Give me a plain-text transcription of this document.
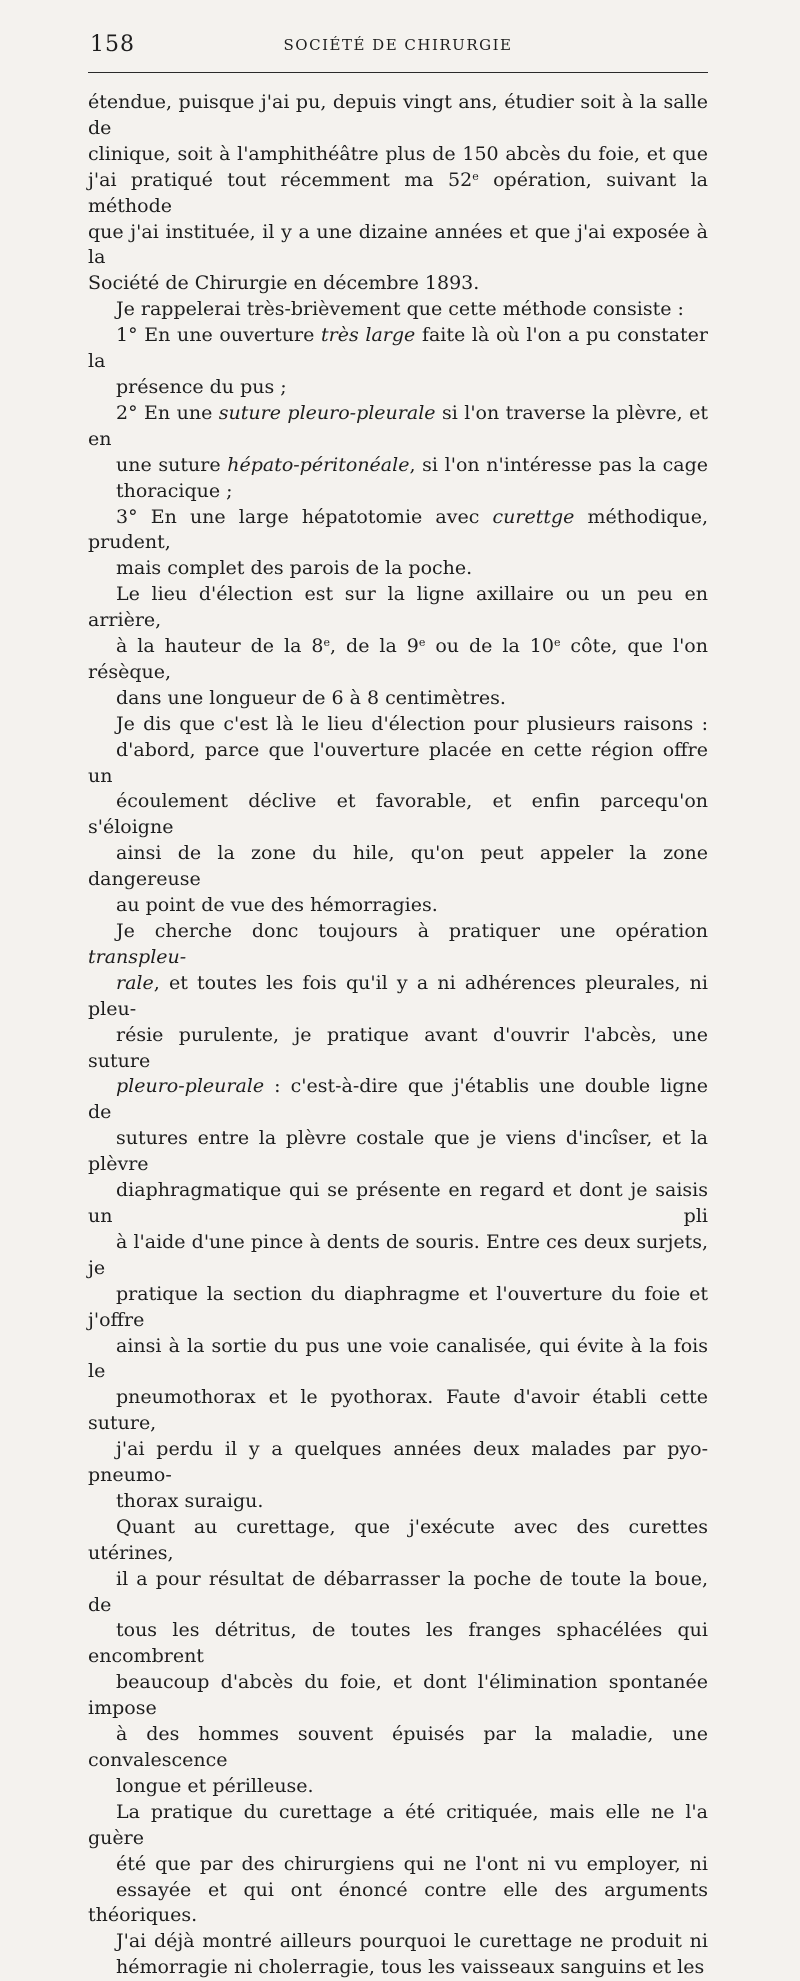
158	SOCIÉTÉ DE CHIRURGIE

étendue, puisque j'ai pu, depuis vingt ans, étudier soit à la salle de
clinique, soit à l'amphithéâtre plus de 150 abcès du foie, et que
j'ai pratiqué tout récemment ma 52e opération, suivant la méthode
que j'ai instituée, il y a une dizaine années et que j'ai exposée à la
Société de Chirurgie en décembre 1893.

Je rappelerai très-brièvement que cette méthode consiste :

1° En une ouverture très large faite là où l'on a pu constater la
présence du pus ;

2° En une suture pleuro-pleurale si l'on traverse la plèvre, et en
une suture hépato-péritonéale, si l'on n'intéresse pas la cage
thoracique ;

3° En une large hépatotomie avec curettge méthodique, prudent,
mais complet des parois de la poche.

Le lieu d'élection est sur la ligne axillaire ou un peu en arrière,
à la hauteur de la 8e, de la 9e ou de la 10e côte, que l'on résèque,
dans une longueur de 6 à 8 centimètres.

Je dis que c'est là le lieu d'élection pour plusieurs raisons :
d'abord, parce que l'ouverture placée en cette région offre un
écoulement déclive et favorable, et enfin parcequ'on s'éloigne
ainsi de la zone du hile, qu'on peut appeler la zone dangereuse
au point de vue des hémorragies.

Je cherche donc toujours à pratiquer une opération transpleu-
rale, et toutes les fois qu'il y a ni adhérences pleurales, ni pleu-
résie purulente, je pratique avant d'ouvrir l'abcès, une suture
pleuro-pleurale : c'est-à-dire que j'établis une double ligne de
sutures entre la plèvre costale que je viens d'incîser, et la plèvre
diaphragmatique qui se présente en regard et dont je saisis un pli
à l'aide d'une pince à dents de souris. Entre ces deux surjets, je
pratique la section du diaphragme et l'ouverture du foie et j'offre
ainsi à la sortie du pus une voie canalisée, qui évite à la fois le
pneumothorax et le pyothorax. Faute d'avoir établi cette suture,
j'ai perdu il y a quelques années deux malades par pyo-pneumo-
thorax suraigu.

Quant au curettage, que j'exécute avec des curettes utérines,
il a pour résultat de débarrasser la poche de toute la boue, de
tous les détritus, de toutes les franges sphacélées qui encombrent
beaucoup d'abcès du foie, et dont l'élimination spontanée impose
à des hommes souvent épuisés par la maladie, une convalescence
longue et périlleuse.

La pratique du curettage a été critiquée, mais elle ne l'a guère
été que par des chirurgiens qui ne l'ont ni vu employer, ni
essayée et qui ont énoncé contre elle des arguments théoriques.

J'ai déjà montré ailleurs pourquoi le curettage ne produit ni
hémorragie ni cholerragie, tous les vaisseaux sanguins et les
